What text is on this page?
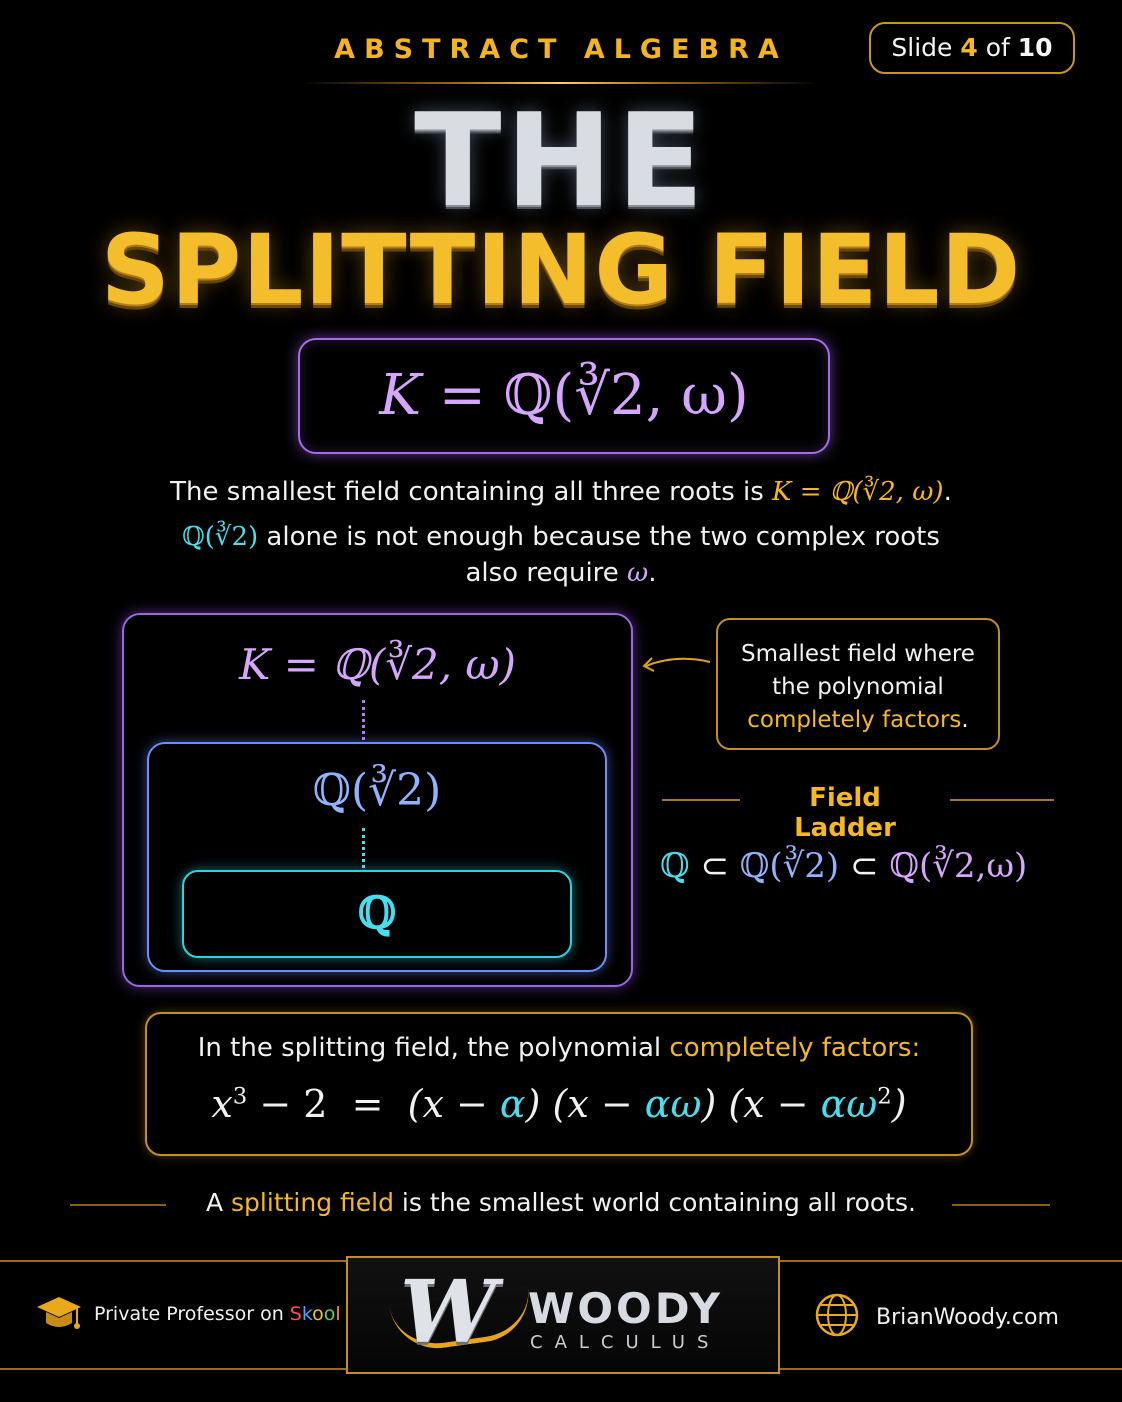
ABSTRACT ALGEBRA	Slide 4 of 10
THE
SPLITTING FIELD
K = ℚ(∛2, ω)
The smallest field containing all three roots is K = ℚ(∛2, ω).
ℚ(∛2) alone is not enough because the two complex roots
also require ω.
K = ℚ(∛2, ω)
ℚ(∛2)
ℚ
Smallest field where
the polynomial
completely factors.
Field Ladder
ℚ ⊂ ℚ(∛2) ⊂ ℚ(∛2,ω)
In the splitting field, the polynomial completely factors:
$x^3 - 2 = (x - \alpha) (x - \alpha\omega) (x - \alpha\omega^2)$
A splitting field is the smallest world containing all roots.
Private Professor on Skool W WOODY
CALCULUS
BrianWoody.com
